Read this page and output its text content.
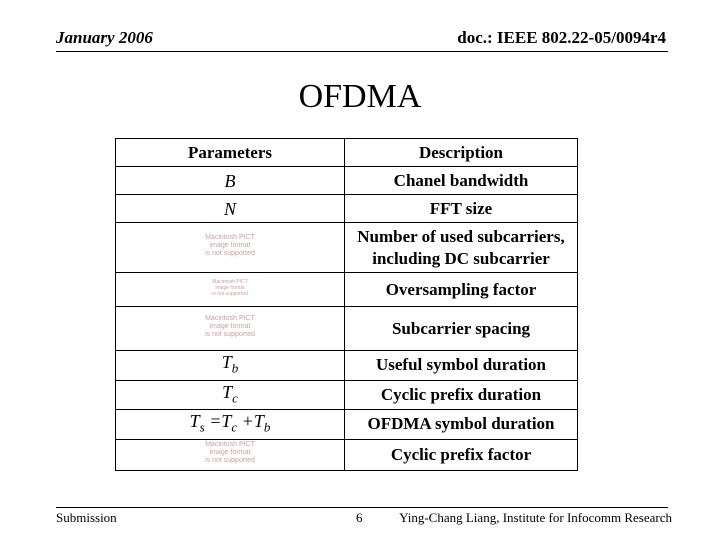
January 2006	doc.: IEEE 802.22-05/0094r4
OFDMA
Parameters	Description
B	Chanel bandwidth
N	FFT size
Macintosh PICT
image format
is not supported	Number of used subcarriers,
including DC subcarrier
Macintosh PICT
image format
is not supported	Oversampling factor
Macintosh PICT
image format
is not supported	Subcarrier spacing
$T_b$	Useful symbol duration
$T_c$	Cyclic prefix duration
$T_s =T_c +T_b$	OFDMA symbol duration
Macintosh PICT
image format
is not supported	Cyclic prefix factor
Submission	6	Ying-Chang Liang, Institute for Infocomm Research
